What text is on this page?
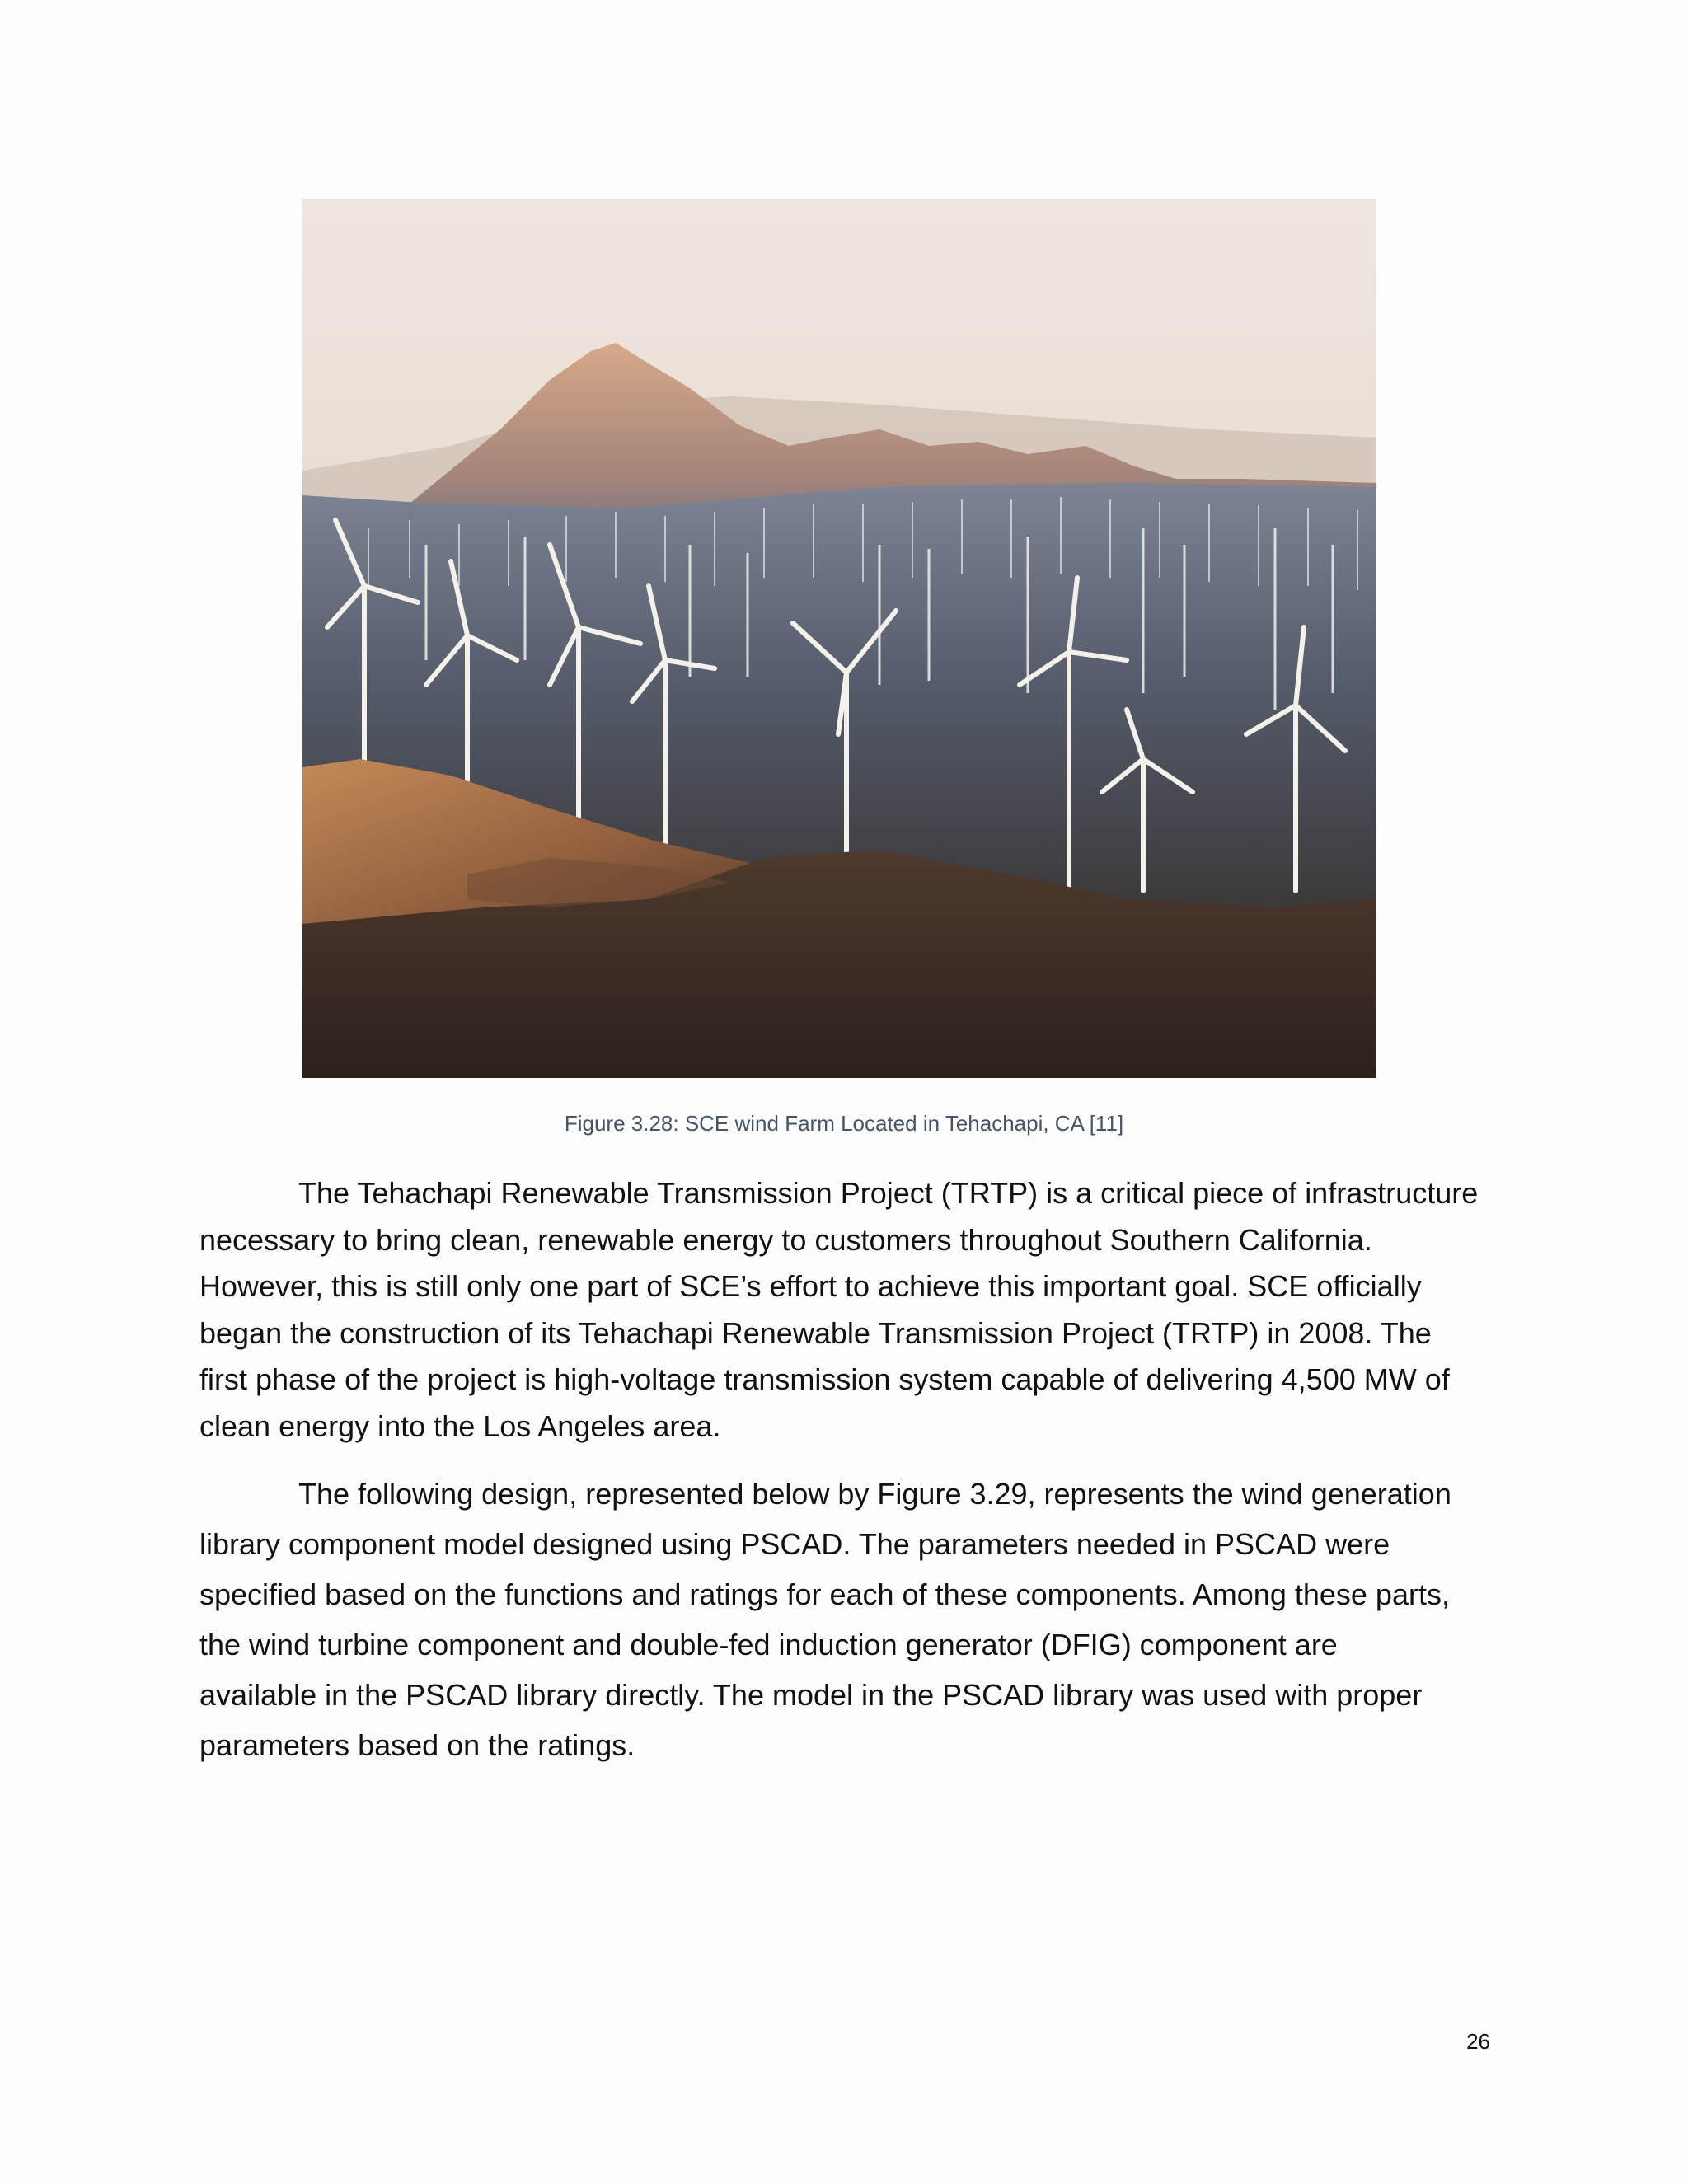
Figure 3.28: SCE wind Farm Located in Tehachapi, CA [11]

The Tehachapi Renewable Transmission Project (TRTP) is a critical piece of infrastructure
necessary to bring clean, renewable energy to customers throughout Southern California.
However, this is still only one part of SCE’s effort to achieve this important goal. SCE officially
began the construction of its Tehachapi Renewable Transmission Project (TRTP) in 2008. The
first phase of the project is high-voltage transmission system capable of delivering 4,500 MW of
clean energy into the Los Angeles area.

The following design, represented below by Figure 3.29, represents the wind generation
library component model designed using PSCAD. The parameters needed in PSCAD were
specified based on the functions and ratings for each of these components. Among these parts,
the wind turbine component and double-fed induction generator (DFIG) component are
available in the PSCAD library directly. The model in the PSCAD library was used with proper
parameters based on the ratings.

26
